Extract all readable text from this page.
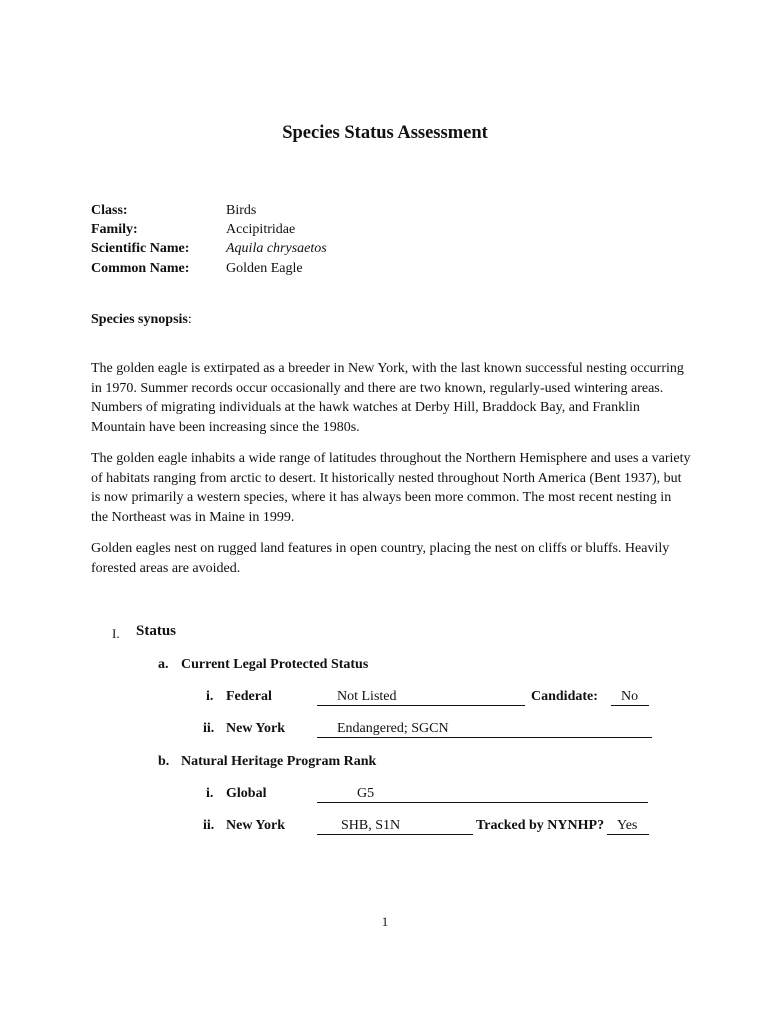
Species Status Assessment
Class:	Birds
Family:	Accipitridae
Scientific Name:	Aquila chrysaetos
Common Name:	Golden Eagle
Species synopsis:
The golden eagle is extirpated as a breeder in New York, with the last known successful nesting occurring in 1970. Summer records occur occasionally and there are two known, regularly-used wintering areas. Numbers of migrating individuals at the hawk watches at Derby Hill, Braddock Bay, and Franklin Mountain have been increasing since the 1980s.
The golden eagle inhabits a wide range of latitudes throughout the Northern Hemisphere and uses a variety of habitats ranging from arctic to desert. It historically nested throughout North America (Bent 1937), but is now primarily a western species, where it has always been more common. The most recent nesting in the Northeast was in Maine in 1999.
Golden eagles nest on rugged land features in open country, placing the nest on cliffs or bluffs. Heavily forested areas are avoided.
I. Status
a. Current Legal Protected Status
i. Federal	Not Listed	Candidate:	No
ii. New York	Endangered; SGCN
b. Natural Heritage Program Rank
i. Global	G5
ii. New York	SHB, S1N	Tracked by NYNHP? Yes
1
